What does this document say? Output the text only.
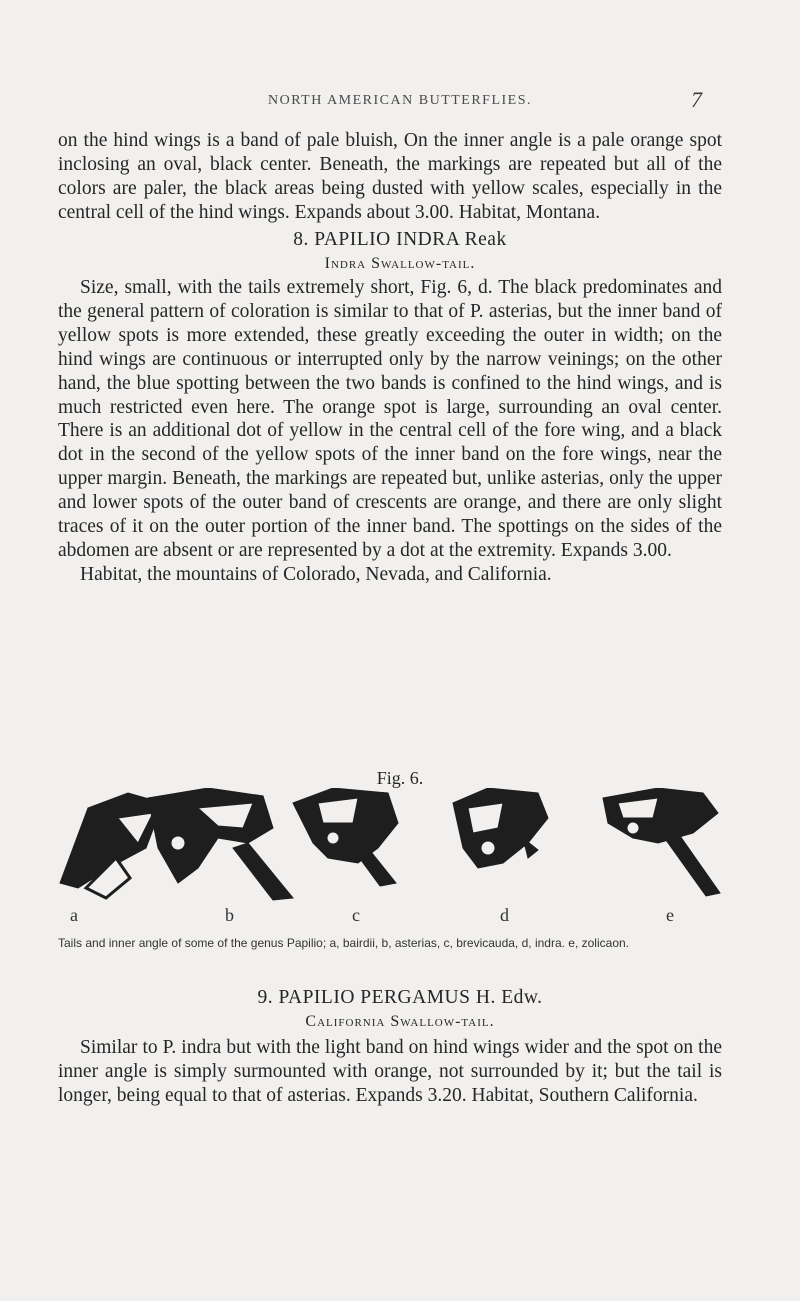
NORTH AMERICAN BUTTERFLIES.	7

on the hind wings is a band of pale bluish, On the inner angle is a pale orange spot inclosing an oval, black center. Beneath, the markings are repeated but all of the colors are paler, the black areas being dusted with yellow scales, especially in the central cell of the hind wings. Expands about 3.00. Habitat, Montana.

8. PAPILIO INDRA Reak
Indra Swallow-tail.

Size, small, with the tails extremely short, Fig. 6, d. The black predominates and the general pattern of coloration is similar to that of P. asterias, but the inner band of yellow spots is more extended, these greatly exceeding the outer in width; on the hind wings are continuous or interrupted only by the narrow veinings; on the other hand, the blue spotting between the two bands is confined to the hind wings, and is much restricted even here. The orange spot is large, surrounding an oval center. There is an additional dot of yellow in the central cell of the fore wing, and a black dot in the second of the yellow spots of the inner band on the fore wings, near the upper margin. Beneath, the markings are repeated but, unlike asterias, only the upper and lower spots of the outer band of crescents are orange, and there are only slight traces of it on the outer portion of the inner band. The spottings on the sides of the abdomen are absent or are represented by a dot at the extremity. Expands 3.00.

Habitat, the mountains of Colorado, Nevada, and California.

Fig. 6.
a	b	c	d	e
Tails and inner angle of some of the genus Papilio; a, bairdii, b, asterias, c, brevicauda, d, indra. e, zolicaon.
9. PAPILIO PERGAMUS H. Edw.
California Swallow-tail.

Similar to P. indra but with the light band on hind wings wider and the spot on the inner angle is simply surmounted with orange, not surrounded by it; but the tail is longer, being equal to that of asterias. Expands 3.20. Habitat, Southern California.
